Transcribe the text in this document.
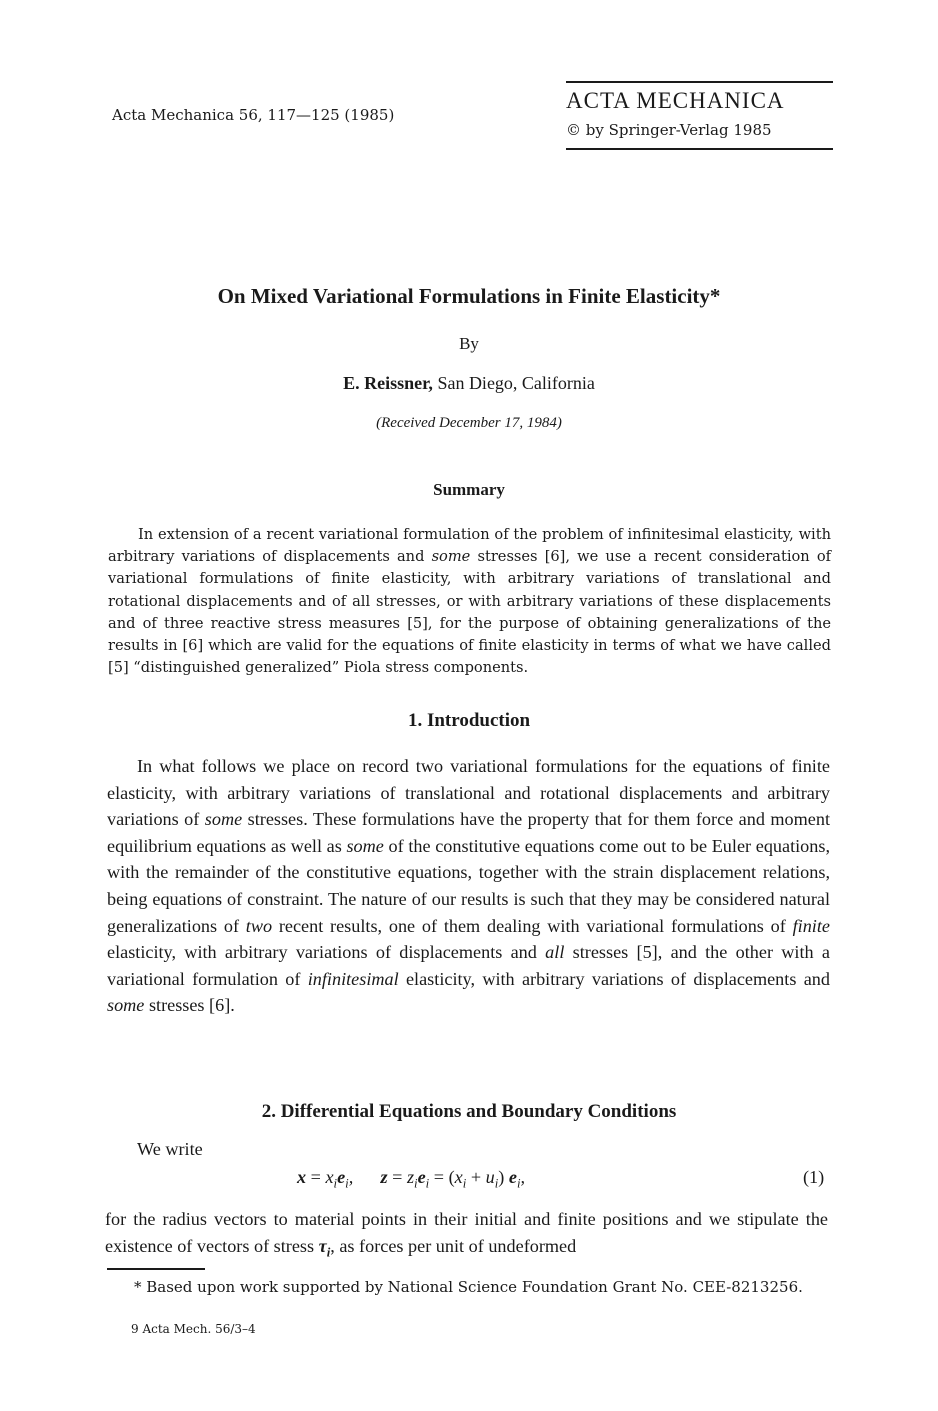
Acta Mechanica 56, 117—125 (1985)
ACTA MECHANICA
© by Springer-Verlag 1985
On Mixed Variational Formulations in Finite Elasticity*
By
E. Reissner, San Diego, California
(Received December 17, 1984)
Summary
In extension of a recent variational formulation of the problem of infinitesimal elasticity, with arbitrary variations of displacements and some stresses [6], we use a recent consideration of variational formulations of finite elasticity, with arbitrary variations of translational and rotational displacements and of all stresses, or with arbitrary variations of these displacements and of three reactive stress measures [5], for the purpose of obtaining generalizations of the results in [6] which are valid for the equations of finite elasticity in terms of what we have called [5] “distinguished generalized” Piola stress components.
1. Introduction
In what follows we place on record two variational formulations for the equations of finite elasticity, with arbitrary variations of translational and rotational displacements and arbitrary variations of some stresses. These formulations have the property that for them force and moment equilibrium equations as well as some of the constitutive equations come out to be Euler equations, with the remainder of the constitutive equations, together with the strain displacement relations, being equations of constraint. The nature of our results is such that they may be considered natural generalizations of two recent results, one of them dealing with variational formulations of finite elasticity, with arbitrary variations of displacements and all stresses [5], and the other with a variational formulation of infinitesimal elasticity, with arbitrary variations of displacements and some stresses [6].
2. Differential Equations and Boundary Conditions
We write
$x = x_ie_i$,      $z = z_ie_i = (x_i + u_i)$ $e_i$,	(1)
for the radius vectors to material points in their initial and finite positions and we stipulate the existence of vectors of stress $\tau_i$, as forces per unit of undeformed
* Based upon work supported by National Science Foundation Grant No. CEE-8213256.
9 Acta Mech. 56/3–4
